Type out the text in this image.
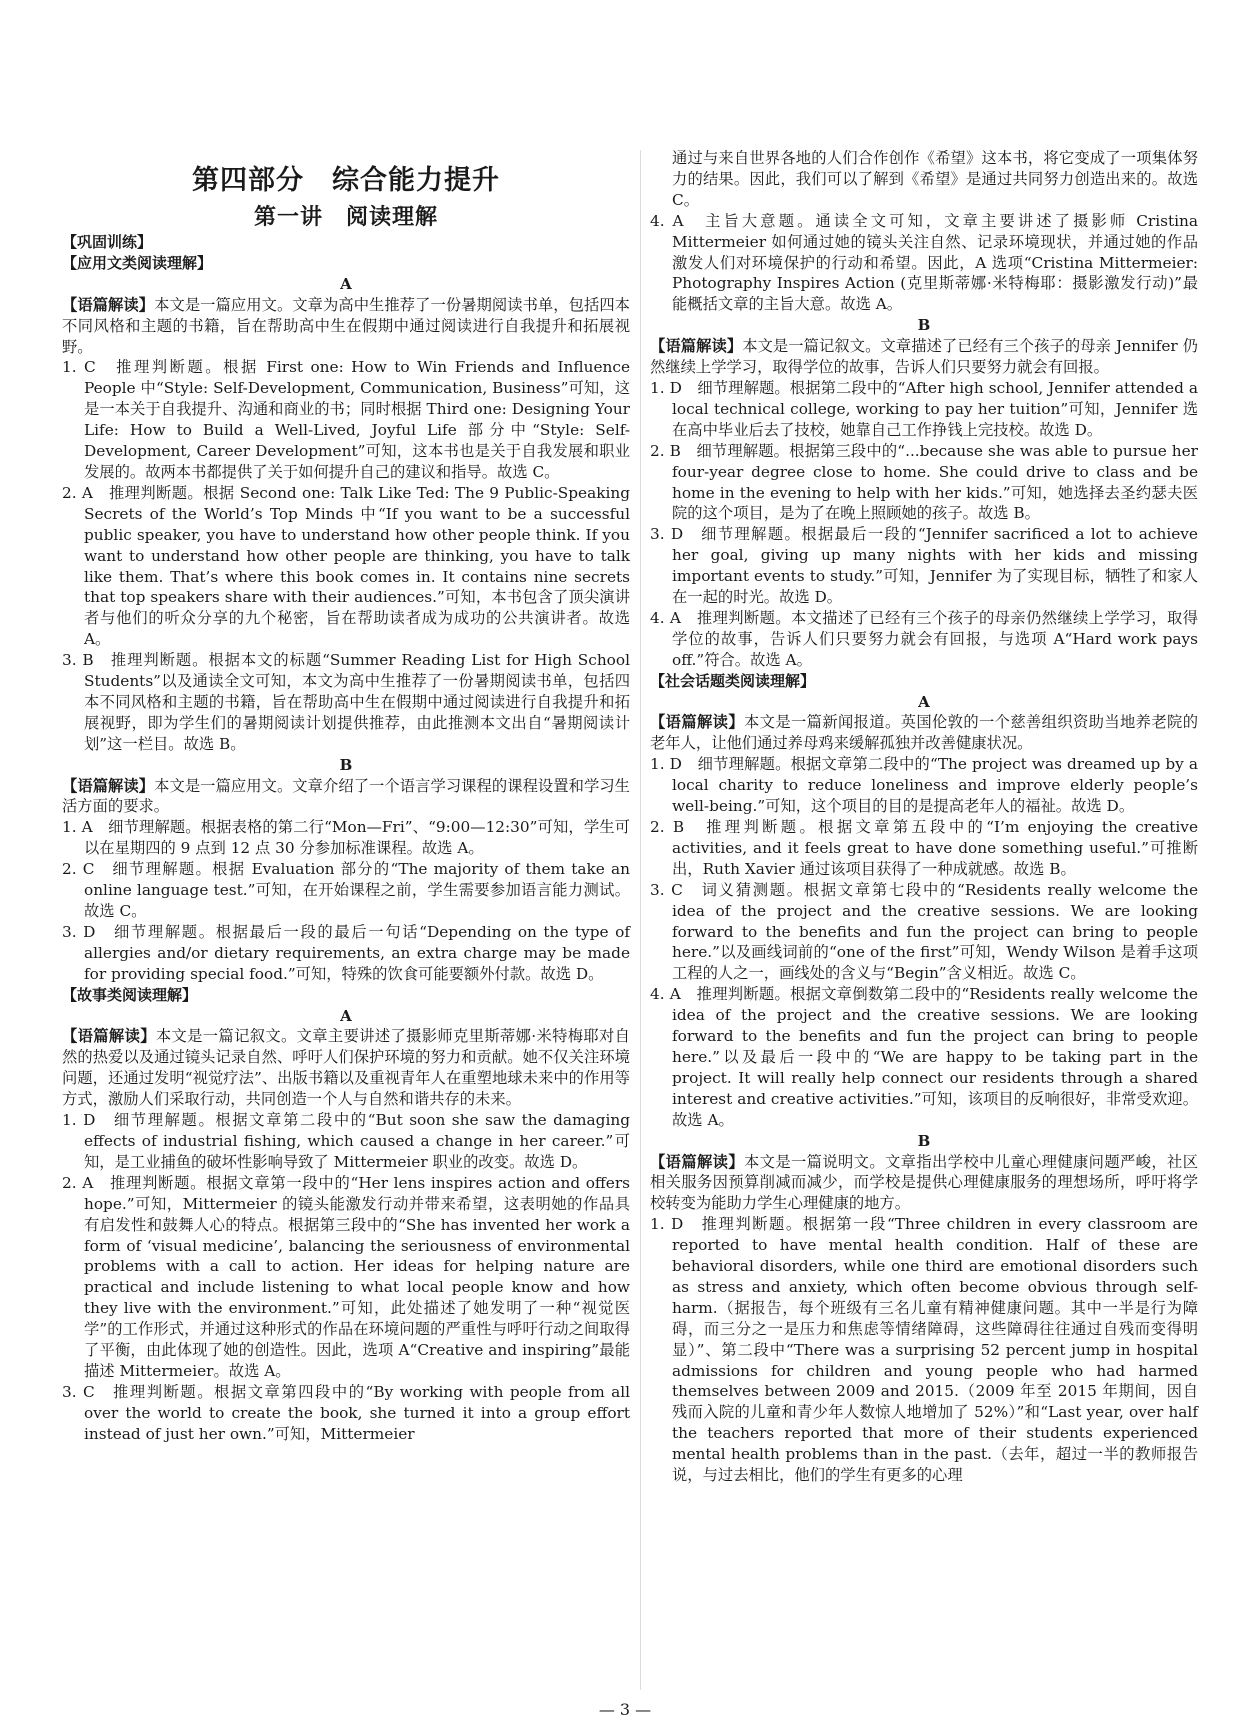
第四部分　综合能力提升
第一讲　阅读理解
【巩固训练】
【应用文类阅读理解】
A
【语篇解读】本文是一篇应用文。文章为高中生推荐了一份暑期阅读书单，包括四本不同风格和主题的书籍，旨在帮助高中生在假期中通过阅读进行自我提升和拓展视野。
1. C　推理判断题。根据 First one: How to Win Friends and Influence People 中“Style: Self-Development, Communication, Business”可知，这是一本关于自我提升、沟通和商业的书；同时根据 Third one: Designing Your Life: How to Build a Well-Lived, Joyful Life 部分中“Style: Self-Development, Career Development”可知，这本书也是关于自我发展和职业发展的。故两本书都提供了关于如何提升自己的建议和指导。故选 C。
2. A　推理判断题。根据 Second one: Talk Like Ted: The 9 Public-Speaking Secrets of the World’s Top Minds 中“If you want to be a successful public speaker, you have to understand how other people think. If you want to understand how other people are thinking, you have to talk like them. That’s where this book comes in. It contains nine secrets that top speakers share with their audiences.”可知，本书包含了顶尖演讲者与他们的听众分享的九个秘密，旨在帮助读者成为成功的公共演讲者。故选 A。
3. B　推理判断题。根据本文的标题“Summer Reading List for High School Students”以及通读全文可知，本文为高中生推荐了一份暑期阅读书单，包括四本不同风格和主题的书籍，旨在帮助高中生在假期中通过阅读进行自我提升和拓展视野，即为学生们的暑期阅读计划提供推荐，由此推测本文出自“暑期阅读计划”这一栏目。故选 B。
B
【语篇解读】本文是一篇应用文。文章介绍了一个语言学习课程的课程设置和学习生活方面的要求。
1. A　细节理解题。根据表格的第二行“Mon—Fri”、“9:00—12:30”可知，学生可以在星期四的 9 点到 12 点 30 分参加标准课程。故选 A。
2. C　细节理解题。根据 Evaluation 部分的“The majority of them take an online language test.”可知，在开始课程之前，学生需要参加语言能力测试。故选 C。
3. D　细节理解题。根据最后一段的最后一句话“Depending on the type of allergies and/or dietary requirements, an extra charge may be made for providing special food.”可知，特殊的饮食可能要额外付款。故选 D。
【故事类阅读理解】
A
【语篇解读】本文是一篇记叙文。文章主要讲述了摄影师克里斯蒂娜·米特梅耶对自然的热爱以及通过镜头记录自然、呼吁人们保护环境的努力和贡献。她不仅关注环境问题，还通过发明“视觉疗法”、出版书籍以及重视青年人在重塑地球未来中的作用等方式，激励人们采取行动，共同创造一个人与自然和谐共存的未来。
1. D　细节理解题。根据文章第二段中的“But soon she saw the damaging effects of industrial fishing, which caused a change in her career.”可知，是工业捕鱼的破坏性影响导致了 Mittermeier 职业的改变。故选 D。
2. A　推理判断题。根据文章第一段中的“Her lens inspires action and offers hope.”可知，Mittermeier 的镜头能激发行动并带来希望，这表明她的作品具有启发性和鼓舞人心的特点。根据第三段中的“She has invented her work a form of ‘visual medicine’, balancing the seriousness of environmental problems with a call to action. Her ideas for helping nature are practical and include listening to what local people know and how they live with the environment.”可知，此处描述了她发明了一种“视觉医学”的工作形式，并通过这种形式的作品在环境问题的严重性与呼吁行动之间取得了平衡，由此体现了她的创造性。因此，选项 A“Creative and inspiring”最能描述 Mittermeier。故选 A。
3. C　推理判断题。根据文章第四段中的“By working with people from all over the world to create the book, she turned it into a group effort instead of just her own.”可知，Mittermeier
通过与来自世界各地的人们合作创作《希望》这本书，将它变成了一项集体努力的结果。因此，我们可以了解到《希望》是通过共同努力创造出来的。故选 C。
4. A　主旨大意题。通读全文可知，文章主要讲述了摄影师 Cristina Mittermeier 如何通过她的镜头关注自然、记录环境现状，并通过她的作品激发人们对环境保护的行动和希望。因此，A 选项“Cristina Mittermeier: Photography Inspires Action (克里斯蒂娜·米特梅耶：摄影激发行动)”最能概括文章的主旨大意。故选 A。
B
【语篇解读】本文是一篇记叙文。文章描述了已经有三个孩子的母亲 Jennifer 仍然继续上学学习，取得学位的故事，告诉人们只要努力就会有回报。
1. D　细节理解题。根据第二段中的“After high school, Jennifer attended a local technical college, working to pay her tuition”可知，Jennifer 选在高中毕业后去了技校，她靠自己工作挣钱上完技校。故选 D。
2. B　细节理解题。根据第三段中的“...because she was able to pursue her four-year degree close to home. She could drive to class and be home in the evening to help with her kids.”可知，她选择去圣约瑟夫医院的这个项目，是为了在晚上照顾她的孩子。故选 B。
3. D　细节理解题。根据最后一段的“Jennifer sacrificed a lot to achieve her goal, giving up many nights with her kids and missing important events to study.”可知，Jennifer 为了实现目标，牺牲了和家人在一起的时光。故选 D。
4. A　推理判断题。本文描述了已经有三个孩子的母亲仍然继续上学学习，取得学位的故事，告诉人们只要努力就会有回报，与选项 A“Hard work pays off.”符合。故选 A。
【社会话题类阅读理解】
A
【语篇解读】本文是一篇新闻报道。英国伦敦的一个慈善组织资助当地养老院的老年人，让他们通过养母鸡来缓解孤独并改善健康状况。
1. D　细节理解题。根据文章第二段中的“The project was dreamed up by a local charity to reduce loneliness and improve elderly people’s well-being.”可知，这个项目的目的是提高老年人的福祉。故选 D。
2. B　推理判断题。根据文章第五段中的“I’m enjoying the creative activities, and it feels great to have done something useful.”可推断出，Ruth Xavier 通过该项目获得了一种成就感。故选 B。
3. C　词义猜测题。根据文章第七段中的“Residents really welcome the idea of the project and the creative sessions. We are looking forward to the benefits and fun the project can bring to people here.”以及画线词前的“one of the first”可知，Wendy Wilson 是着手这项工程的人之一，画线处的含义与“Begin”含义相近。故选 C。
4. A　推理判断题。根据文章倒数第二段中的“Residents really welcome the idea of the project and the creative sessions. We are looking forward to the benefits and fun the project can bring to people here.”以及最后一段中的“We are happy to be taking part in the project. It will really help connect our residents through a shared interest and creative activities.”可知，该项目的反响很好，非常受欢迎。故选 A。
B
【语篇解读】本文是一篇说明文。文章指出学校中儿童心理健康问题严峻，社区相关服务因预算削减而减少，而学校是提供心理健康服务的理想场所，呼吁将学校转变为能助力学生心理健康的地方。
1. D　推理判断题。根据第一段“Three children in every classroom are reported to have mental health condition. Half of these are behavioral disorders, while one third are emotional disorders such as stress and anxiety, which often become obvious through self-harm.（据报告，每个班级有三名儿童有精神健康问题。其中一半是行为障碍，而三分之一是压力和焦虑等情绪障碍，这些障碍往往通过自残而变得明显）”、第二段中“There was a surprising 52 percent jump in hospital admissions for children and young people who had harmed themselves between 2009 and 2015.（2009 年至 2015 年期间，因自残而入院的儿童和青少年人数惊人地增加了 52%）”和“Last year, over half the teachers reported that more of their students experienced mental health problems than in the past.（去年，超过一半的教师报告说，与过去相比，他们的学生有更多的心理
— 3 —
